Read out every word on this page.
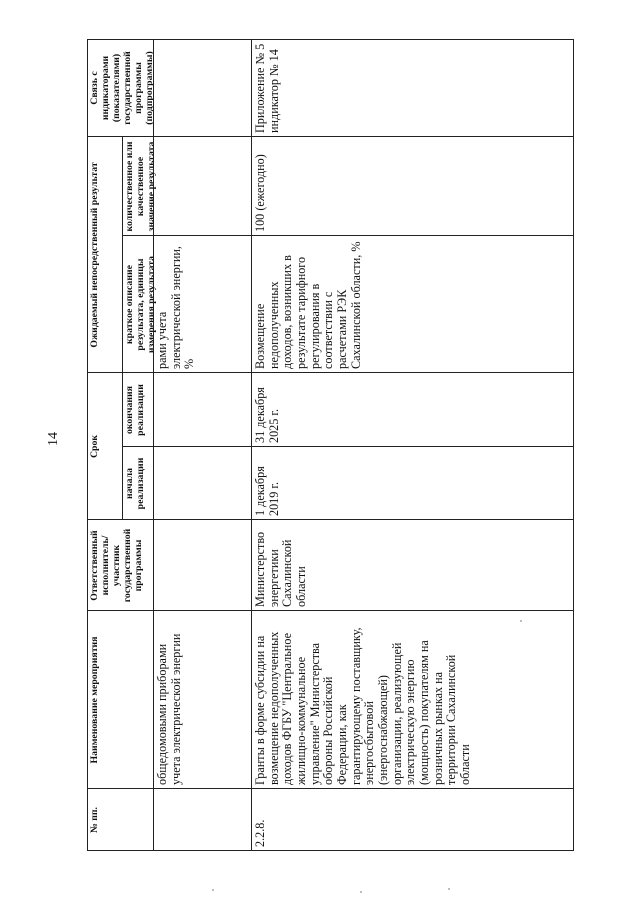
14
№ пп.
Наименование мероприятия
Ответственный исполнитель/участник государственной программы
Срок
начала реализации
окончания реализации
Ожидаемый непосредственный результат	краткое описание результата, единицы измерения результата
количественное или качественное значение результата
Связь с индикаторами (показателями) государственной программы (подпрограммы)
общедомовыми приборами учета электрической энергии
рами учета электрической энергии, %
2.2.8.
Гранты в форме субсидии на возмещение недополученных доходов ФГБУ "Центральное жилищно-коммунальное управление" Министерства обороны Российской Федерации, как гарантирующему поставщику, энергосбытовой (энергоснабжающей) организации, реализующей электрическую энергию (мощность) покупателям на розничных рынках на территории Сахалинской области
Министерство энергетики Сахалинской области
1 декабря 2019 г.
31 декабря 2025 г.
Возмещение недополученных доходов, возникших в результате тарифного регулирования в соответствии с расчетами РЭК Сахалинской области, %
100 (ежегодно)
Приложение № 5 индикатор № 14
